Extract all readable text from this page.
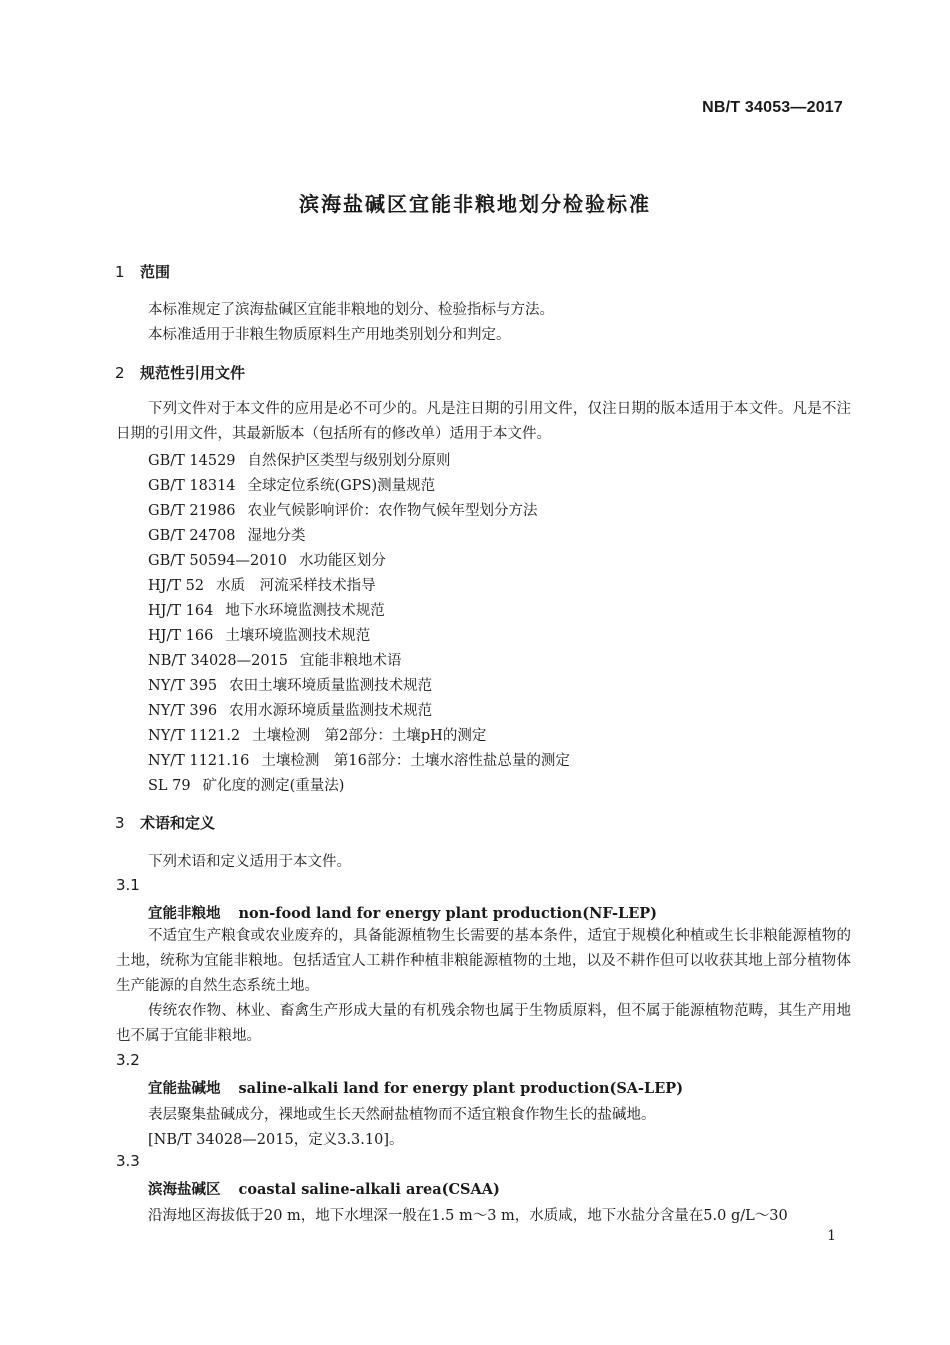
NB/T 34053—2017
滨海盐碱区宜能非粮地划分检验标准
1 范围
本标准规定了滨海盐碱区宜能非粮地的划分、检验指标与方法。
本标准适用于非粮生物质原料生产用地类别划分和判定。
2 规范性引用文件
下列文件对于本文件的应用是必不可少的。凡是注日期的引用文件，仅注日期的版本适用于本文件。凡是不注日期的引用文件，其最新版本（包括所有的修改单）适用于本文件。
GB/T 14529 自然保护区类型与级别划分原则
GB/T 18314 全球定位系统(GPS)测量规范
GB/T 21986 农业气候影响评价：农作物气候年型划分方法
GB/T 24708 湿地分类
GB/T 50594—2010 水功能区划分
HJ/T 52 水质　河流采样技术指导
HJ/T 164 地下水环境监测技术规范
HJ/T 166 土壤环境监测技术规范
NB/T 34028—2015 宜能非粮地术语
NY/T 395 农田土壤环境质量监测技术规范
NY/T 396 农用水源环境质量监测技术规范
NY/T 1121.2 土壤检测　第2部分：土壤pH的测定
NY/T 1121.16 土壤检测　第16部分：土壤水溶性盐总量的测定
SL 79 矿化度的测定(重量法)
3 术语和定义
下列术语和定义适用于本文件。
3.1
宜能非粮地 non-food land for energy plant production(NF-LEP)
不适宜生产粮食或农业废弃的，具备能源植物生长需要的基本条件，适宜于规模化种植或生长非粮能源植物的土地，统称为宜能非粮地。包括适宜人工耕作种植非粮能源植物的土地，以及不耕作但可以收获其地上部分植物体生产能源的自然生态系统土地。
传统农作物、林业、畜禽生产形成大量的有机残余物也属于生物质原料，但不属于能源植物范畴，其生产用地也不属于宜能非粮地。
3.2
宜能盐碱地 saline-alkali land for energy plant production(SA-LEP)
表层聚集盐碱成分，裸地或生长天然耐盐植物而不适宜粮食作物生长的盐碱地。
[NB/T 34028—2015，定义3.3.10]。
3.3
滨海盐碱区 coastal saline-alkali area(CSAA)
沿海地区海拔低于20 m，地下水埋深一般在1.5 m～3 m，水质咸，地下水盐分含量在5.0 g/L～30
1
